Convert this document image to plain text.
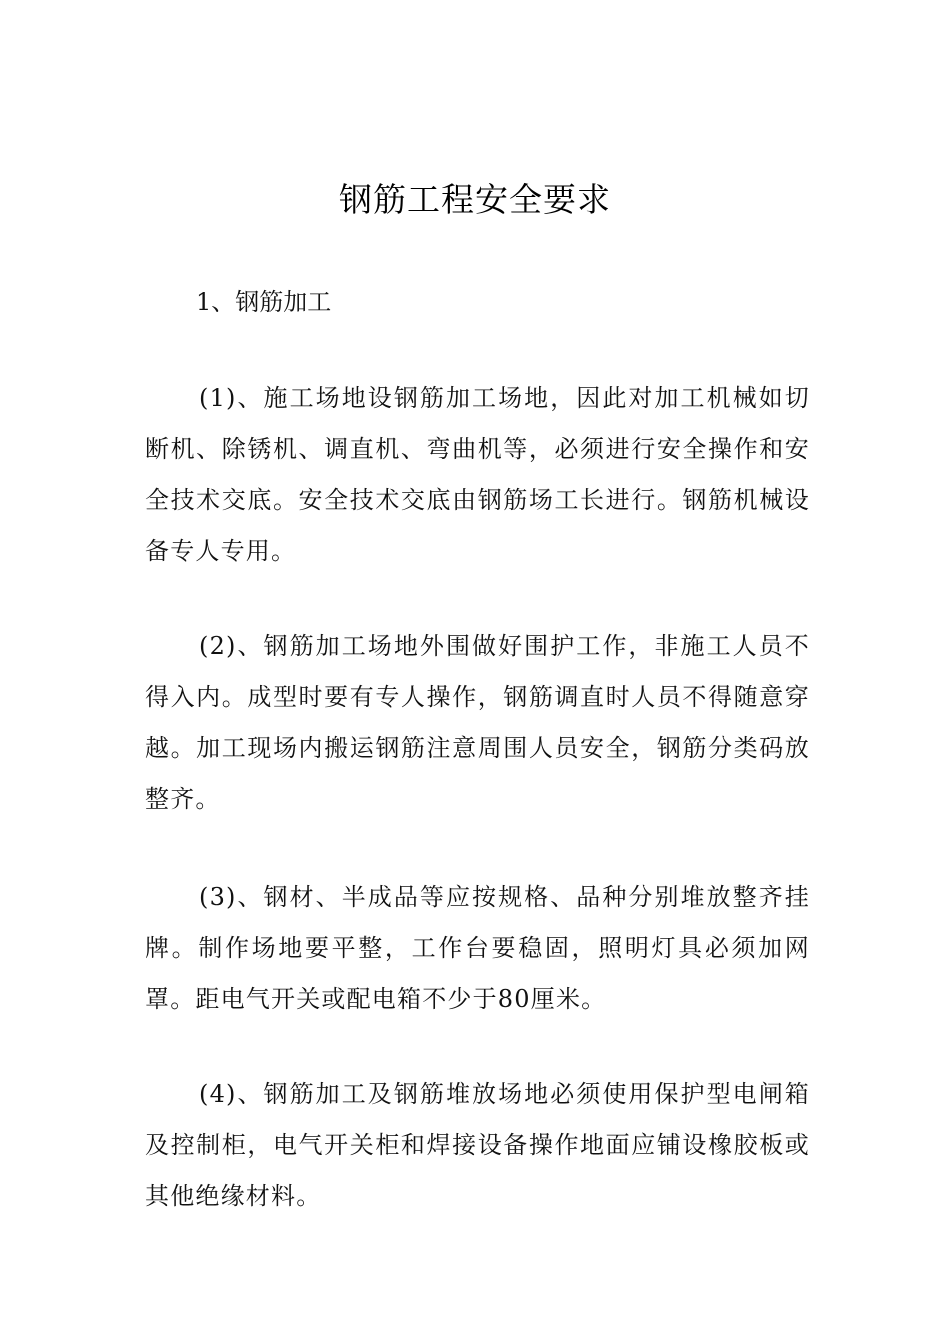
钢筋工程安全要求
1、钢筋加工

(1)、施工场地设钢筋加工场地，因此对加工机械如切断机、除锈机、调直机、弯曲机等，必须进行安全操作和安全技术交底。安全技术交底由钢筋场工长进行。钢筋机械设备专人专用。

(2)、钢筋加工场地外围做好围护工作，非施工人员不得入内。成型时要有专人操作，钢筋调直时人员不得随意穿越。加工现场内搬运钢筋注意周围人员安全，钢筋分类码放整齐。

(3)、钢材、半成品等应按规格、品种分别堆放整齐挂牌。制作场地要平整，工作台要稳固，照明灯具必须加网罩。距电气开关或配电箱不少于80厘米。

(4)、钢筋加工及钢筋堆放场地必须使用保护型电闸箱及控制柜，电气开关柜和焊接设备操作地面应铺设橡胶板或其他绝缘材料。
